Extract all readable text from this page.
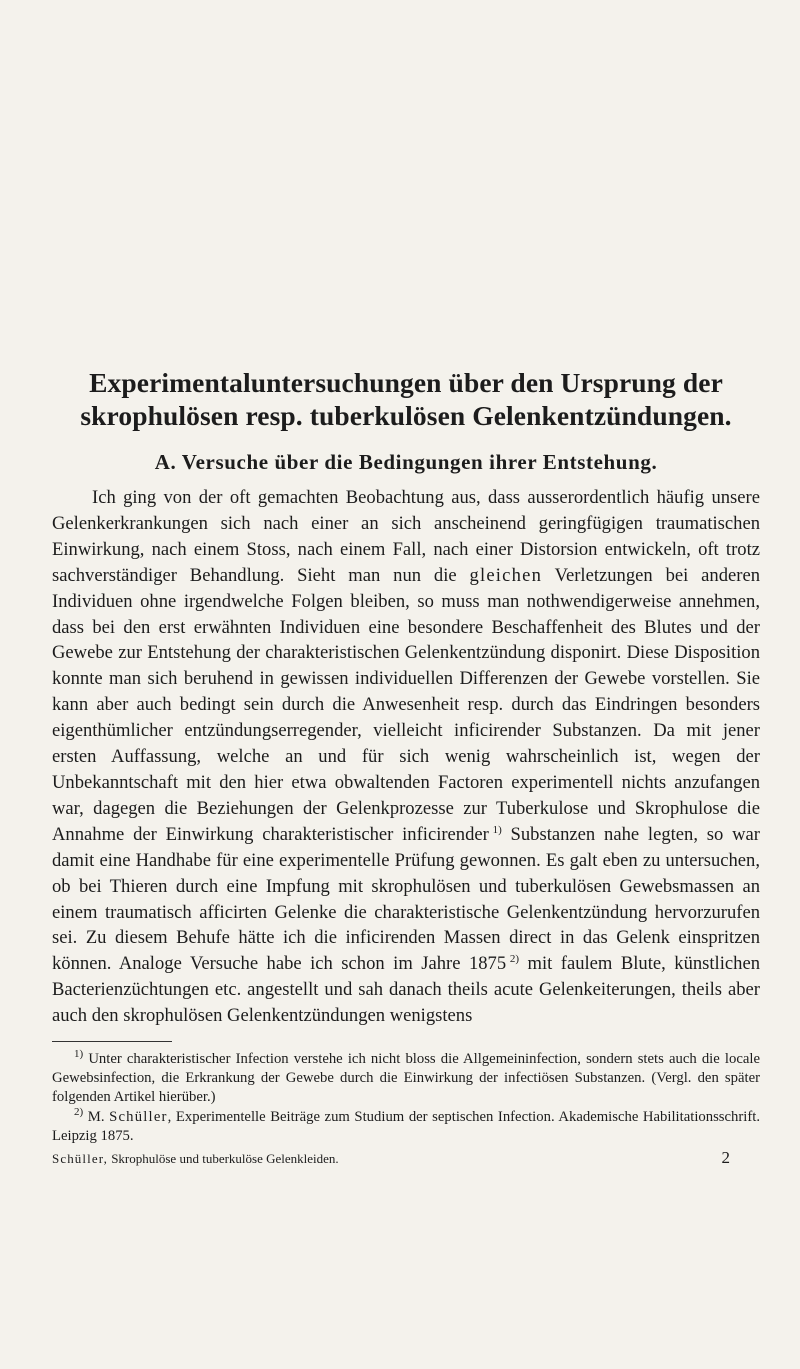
Experimentaluntersuchungen über den Ursprung der
skrophulösen resp. tuberkulösen Gelenkentzündungen.
A. Versuche über die Bedingungen ihrer Entstehung.

Ich ging von der oft gemachten Beobachtung aus, dass ausserordentlich häufig unsere Gelenkerkrankungen sich nach einer an sich anscheinend geringfügigen traumatischen Einwirkung, nach einem Stoss, nach einem Fall, nach einer Distorsion entwickeln, oft trotz sachverständiger Behandlung. Sieht man nun die gleichen Verletzungen bei anderen Individuen ohne irgendwelche Folgen bleiben, so muss man nothwendigerweise annehmen, dass bei den erst erwähnten Individuen eine besondere Beschaffenheit des Blutes und der Gewebe zur Entstehung der charakteristischen Gelenkentzündung disponirt. Diese Disposition konnte man sich beruhend in gewissen individuellen Differenzen der Gewebe vorstellen. Sie kann aber auch bedingt sein durch die Anwesenheit resp. durch das Eindringen besonders eigenthümlicher entzündungserregender, vielleicht inficirender Substanzen. Da mit jener ersten Auffassung, welche an und für sich wenig wahrscheinlich ist, wegen der Unbekanntschaft mit den hier etwa obwaltenden Factoren experimentell nichts anzufangen war, dagegen die Beziehungen der Gelenkprozesse zur Tuberkulose und Skrophulose die Annahme der Einwirkung charakteristischer inficirender  $^{1)}$ Substanzen nahe legten, so war damit eine Handhabe für eine experimentelle Prüfung gewonnen. Es galt eben zu untersuchen, ob bei Thieren durch eine Impfung mit skrophulösen und tuberkulösen Gewebsmassen an einem traumatisch afficirten Gelenke die charakteristische Gelenkentzündung hervorzurufen sei. Zu diesem Behufe hätte ich die inficirenden Massen direct in das Gelenk einspritzen können. Analoge Versuche habe ich schon im Jahre 1875  $^{2)}$ mit faulem Blute, künstlichen Bacterienzüchtungen etc. angestellt und sah danach theils acute Gelenkeiterungen, theils aber auch den skrophulösen Gelenkentzündungen wenigstens

$^{1)}$ Unter charakteristischer Infection verstehe ich nicht bloss die Allgemeininfection, sondern stets auch die locale Gewebsinfection, die Erkrankung der Gewebe durch die Einwirkung der infectiösen Substanzen. (Vergl. den später folgenden Artikel hierüber.)

$^{2)}$ M. Schüller, Experimentelle Beiträge zum Studium der septischen Infection. Akademische Habilitationsschrift. Leipzig 1875.

Schüller, Skrophulöse und tuberkulöse Gelenkleiden.	2
